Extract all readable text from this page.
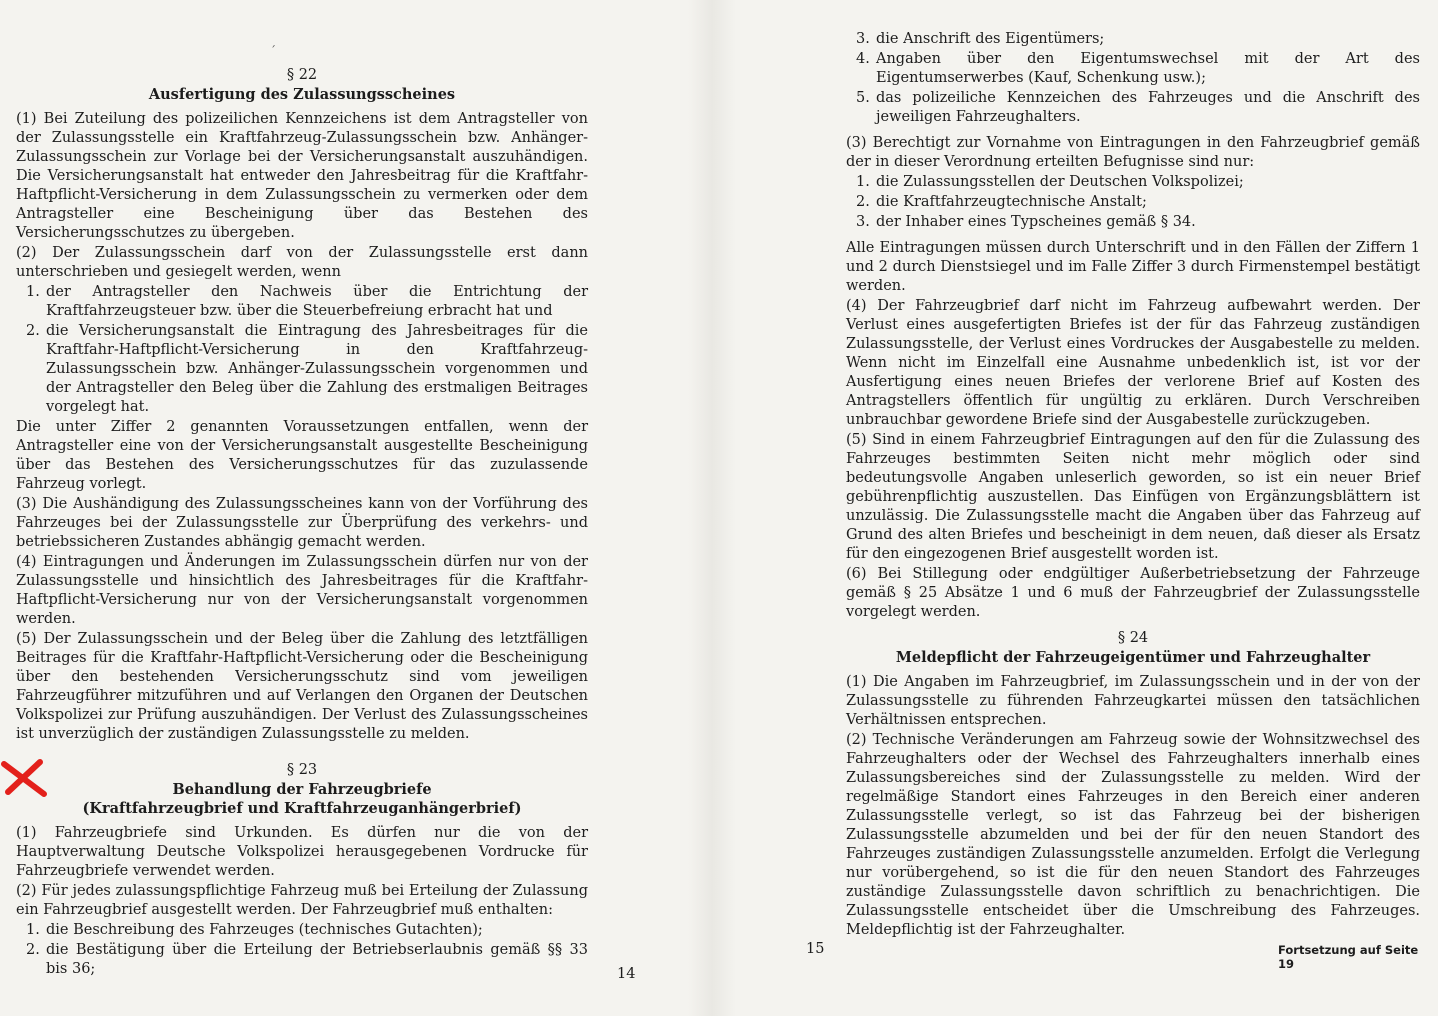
´

§ 22

Ausfertigung des Zulassungsscheines

(1) Bei Zuteilung des polizeilichen Kennzeichens ist dem Antragsteller von der Zulassungsstelle ein Kraftfahrzeug-Zulassungsschein bzw. Anhänger-Zulassungsschein zur Vorlage bei der Versicherungsanstalt auszuhändigen. Die Versicherungsanstalt hat entweder den Jahresbeitrag für die Kraftfahr-Haftpflicht-Versicherung in dem Zulassungsschein zu vermerken oder dem Antragsteller eine Bescheinigung über das Bestehen des Versicherungsschutzes zu übergeben.

(2) Der Zulassungsschein darf von der Zulassungsstelle erst dann unterschrieben und gesiegelt werden, wenn

1. der Antragsteller den Nachweis über die Entrichtung der Kraftfahrzeugsteuer bzw. über die Steuerbefreiung erbracht hat und
2. die Versicherungsanstalt die Eintragung des Jahresbeitrages für die Kraftfahr-Haftpflicht-Versicherung in den Kraftfahrzeug-Zulassungsschein bzw. Anhänger-Zulassungsschein vorgenommen und der Antragsteller den Beleg über die Zahlung des erstmaligen Beitrages vorgelegt hat.

Die unter Ziffer 2 genannten Voraussetzungen entfallen, wenn der Antragsteller eine von der Versicherungsanstalt ausgestellte Bescheinigung über das Bestehen des Versicherungsschutzes für das zuzulassende Fahrzeug vorlegt.

(3) Die Aushändigung des Zulassungsscheines kann von der Vorführung des Fahrzeuges bei der Zulassungsstelle zur Überprüfung des verkehrs- und betriebssicheren Zustandes abhängig gemacht werden.

(4) Eintragungen und Änderungen im Zulassungsschein dürfen nur von der Zulassungsstelle und hinsichtlich des Jahresbeitrages für die Kraftfahr-Haftpflicht-Versicherung nur von der Versicherungsanstalt vorgenommen werden.

(5) Der Zulassungsschein und der Beleg über die Zahlung des letztfälligen Beitrages für die Kraftfahr-Haftpflicht-Versicherung oder die Bescheinigung über den bestehenden Versicherungsschutz sind vom jeweiligen Fahrzeugführer mitzuführen und auf Verlangen den Organen der Deutschen Volkspolizei zur Prüfung auszuhändigen. Der Verlust des Zulassungsscheines ist unverzüglich der zuständigen Zulassungsstelle zu melden.

§ 23

Behandlung der Fahrzeugbriefe

(Kraftfahrzeugbrief und Kraftfahrzeuganhängerbrief)

(1) Fahrzeugbriefe sind Urkunden. Es dürfen nur die von der Hauptverwaltung Deutsche Volkspolizei herausgegebenen Vordrucke für Fahrzeugbriefe verwendet werden.

(2) Für jedes zulassungspflichtige Fahrzeug muß bei Erteilung der Zulassung ein Fahrzeugbrief ausgestellt werden. Der Fahrzeugbrief muß enthalten:

1. die Beschreibung des Fahrzeuges (technisches Gutachten);
2. die Bestätigung über die Erteilung der Betriebserlaubnis gemäß §§ 33 bis 36;	14
3. die Anschrift des Eigentümers;
4. Angaben über den Eigentumswechsel mit der Art des Eigentumserwerbes (Kauf, Schenkung usw.);
5. das polizeiliche Kennzeichen des Fahrzeuges und die Anschrift des jeweiligen Fahrzeughalters.

(3) Berechtigt zur Vornahme von Eintragungen in den Fahrzeugbrief gemäß der in dieser Verordnung erteilten Befugnisse sind nur:

1. die Zulassungsstellen der Deutschen Volkspolizei;
2. die Kraftfahrzeugtechnische Anstalt;
3. der Inhaber eines Typscheines gemäß § 34.

Alle Eintragungen müssen durch Unterschrift und in den Fällen der Ziffern 1 und 2 durch Dienstsiegel und im Falle Ziffer 3 durch Firmenstempel bestätigt werden.

(4) Der Fahrzeugbrief darf nicht im Fahrzeug aufbewahrt werden. Der Verlust eines ausgefertigten Briefes ist der für das Fahrzeug zuständigen Zulassungsstelle, der Verlust eines Vordruckes der Ausgabestelle zu melden. Wenn nicht im Einzelfall eine Ausnahme unbedenklich ist, ist vor der Ausfertigung eines neuen Briefes der verlorene Brief auf Kosten des Antragstellers öffentlich für ungültig zu erklären. Durch Verschreiben unbrauchbar gewordene Briefe sind der Ausgabestelle zurückzugeben.

(5) Sind in einem Fahrzeugbrief Eintragungen auf den für die Zulassung des Fahrzeuges bestimmten Seiten nicht mehr möglich oder sind bedeutungsvolle Angaben unleserlich geworden, so ist ein neuer Brief gebührenpflichtig auszustellen. Das Einfügen von Ergänzungsblättern ist unzulässig. Die Zulassungsstelle macht die Angaben über das Fahrzeug auf Grund des alten Briefes und bescheinigt in dem neuen, daß dieser als Ersatz für den eingezogenen Brief ausgestellt worden ist.

(6) Bei Stillegung oder endgültiger Außerbetriebsetzung der Fahrzeuge gemäß § 25 Absätze 1 und 6 muß der Fahrzeugbrief der Zulassungsstelle vorgelegt werden.

§ 24

Meldepflicht der Fahrzeugeigentümer und Fahrzeughalter

(1) Die Angaben im Fahrzeugbrief, im Zulassungsschein und in der von der Zulassungsstelle zu führenden Fahrzeugkartei müssen den tatsächlichen Verhältnissen entsprechen.

(2) Technische Veränderungen am Fahrzeug sowie der Wohnsitzwechsel des Fahrzeughalters oder der Wechsel des Fahrzeughalters innerhalb eines Zulassungsbereiches sind der Zulassungsstelle zu melden. Wird der regelmäßige Standort eines Fahrzeuges in den Bereich einer anderen Zulassungsstelle verlegt, so ist das Fahrzeug bei der bisherigen Zulassungsstelle abzumelden und bei der für den neuen Standort des Fahrzeuges zuständigen Zulassungsstelle anzumelden. Erfolgt die Verlegung nur vorübergehend, so ist die für den neuen Standort des Fahrzeuges zuständige Zulassungsstelle davon schriftlich zu benachrichtigen. Die Zulassungsstelle entscheidet über die Umschreibung des Fahrzeuges. Meldepflichtig ist der Fahrzeughalter.

15	Fortsetzung auf Seite 19
